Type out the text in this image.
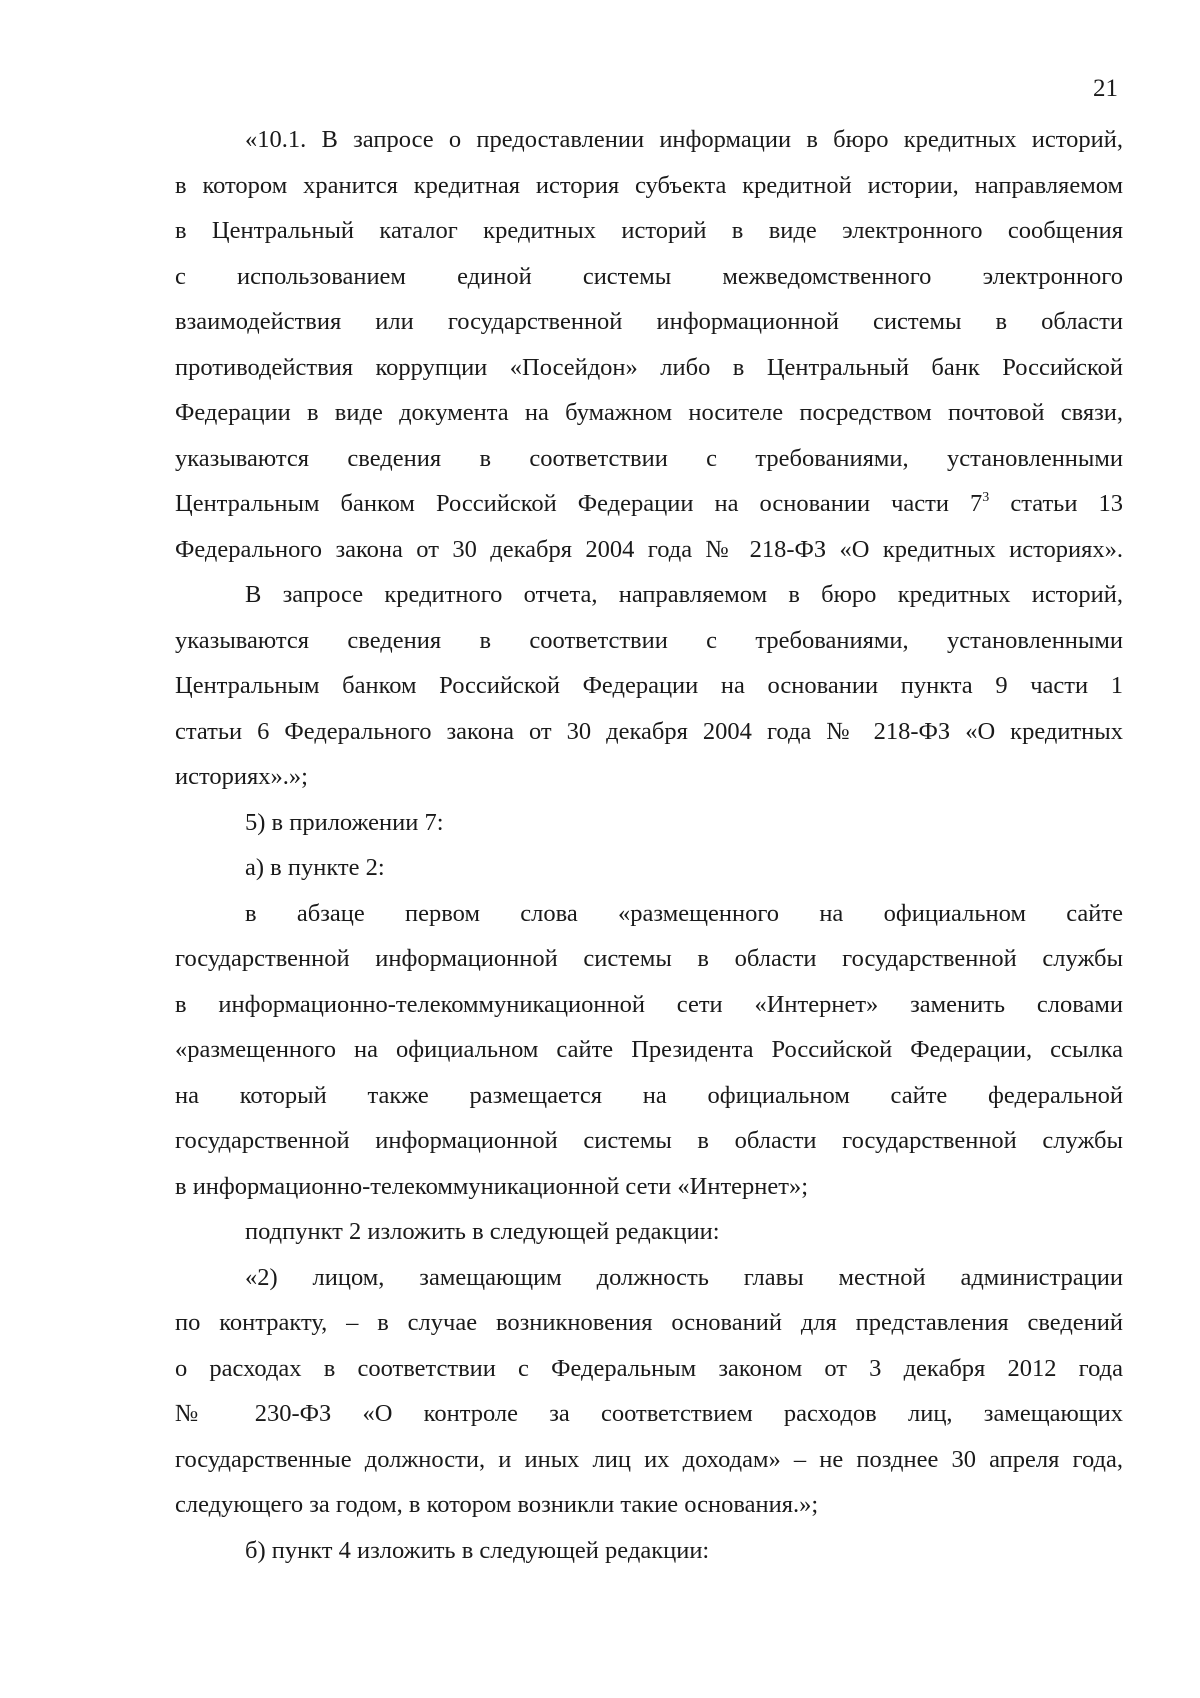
21
«10.1. В запросе о предоставлении информации в бюро кредитных историй,
в котором хранится кредитная история субъекта кредитной истории, направляемом
в Центральный каталог кредитных историй в виде электронного сообщения
с использованием единой системы межведомственного электронного
взаимодействия или государственной информационной системы в области
противодействия коррупции «Посейдон» либо в Центральный банк Российской
Федерации в виде документа на бумажном носителе посредством почтовой связи,
указываются сведения в соответствии с требованиями, установленными
Центральным банком Российской Федерации на основании части $7^3$ статьи 13
Федерального закона от 30 декабря 2004 года № 218-ФЗ «О кредитных историях».
В запросе кредитного отчета, направляемом в бюро кредитных историй,
указываются сведения в соответствии с требованиями, установленными
Центральным банком Российской Федерации на основании пункта 9 части 1
статьи 6 Федерального закона от 30 декабря 2004 года № 218-ФЗ «О кредитных
историях».»;
5) в приложении 7:
а) в пункте 2:
в абзаце первом слова «размещенного на официальном сайте
государственной информационной системы в области государственной службы
в информационно-телекоммуникационной сети «Интернет» заменить словами
«размещенного на официальном сайте Президента Российской Федерации, ссылка
на который также размещается на официальном сайте федеральной
государственной информационной системы в области государственной службы
в информационно-телекоммуникационной сети «Интернет»;
подпункт 2 изложить в следующей редакции:
«2) лицом, замещающим должность главы местной администрации
по контракту, – в случае возникновения оснований для представления сведений
о расходах в соответствии с Федеральным законом от 3 декабря 2012 года
№ 230-ФЗ «О контроле за соответствием расходов лиц, замещающих
государственные должности, и иных лиц их доходам» – не позднее 30 апреля года,
следующего за годом, в котором возникли такие основания.»;
б) пункт 4 изложить в следующей редакции:
